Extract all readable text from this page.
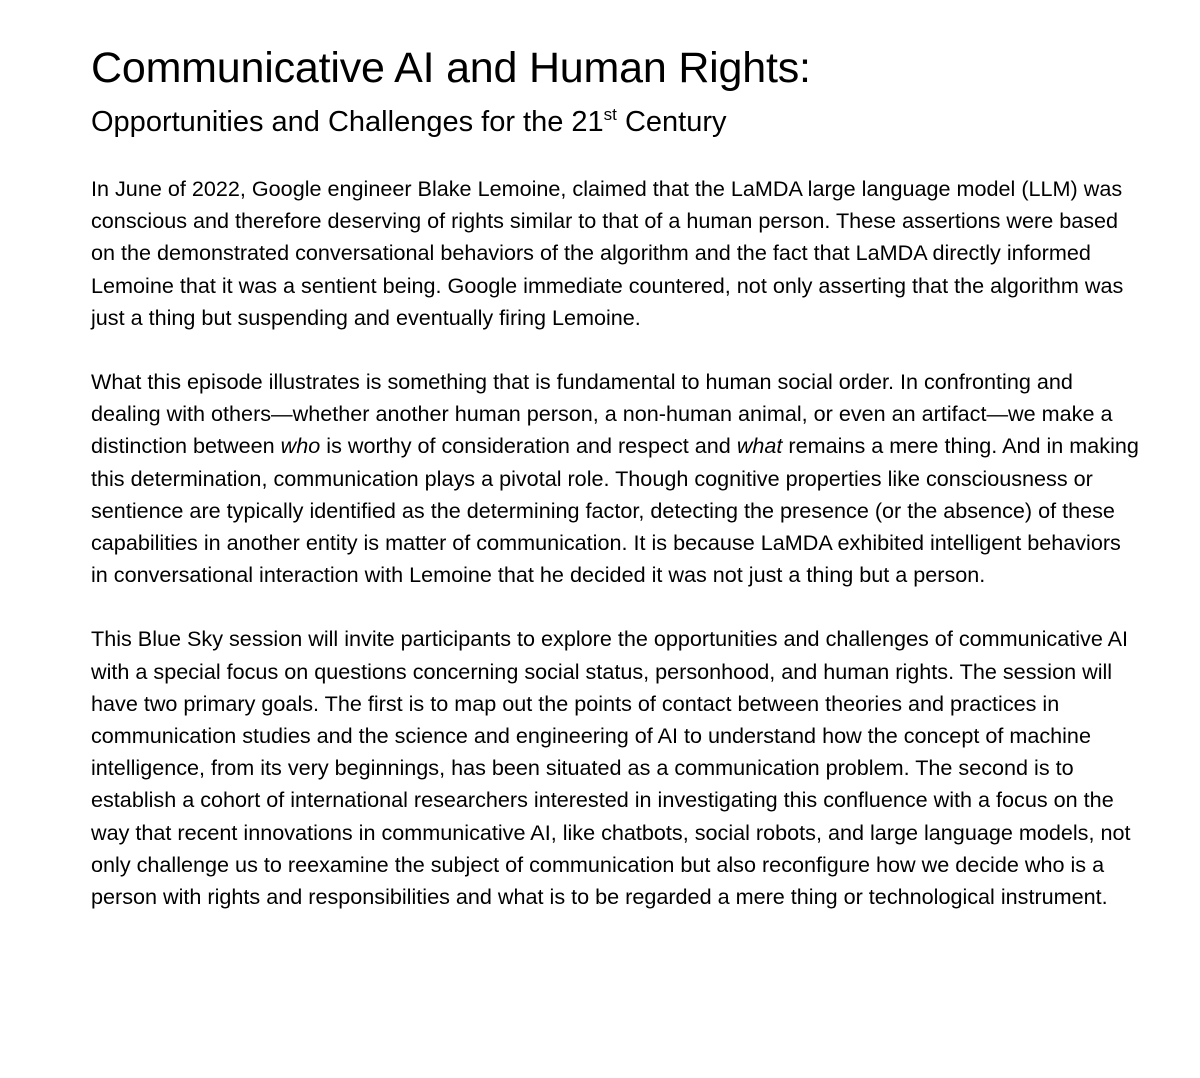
Communicative AI and Human Rights:
Opportunities and Challenges for the 21st Century

In June of 2022, Google engineer Blake Lemoine, claimed that the LaMDA large language model (LLM) was conscious and therefore deserving of rights similar to that of a human person. These assertions were based on the demonstrated conversational behaviors of the algorithm and the fact that LaMDA directly informed Lemoine that it was a sentient being. Google immediate countered, not only asserting that the algorithm was just a thing but suspending and eventually firing Lemoine.

What this episode illustrates is something that is fundamental to human social order. In confronting and dealing with others—whether another human person, a non-human animal, or even an artifact—we make a distinction between who is worthy of consideration and respect and what remains a mere thing. And in making this determination, communication plays a pivotal role. Though cognitive properties like consciousness or sentience are typically identified as the determining factor, detecting the presence (or the absence) of these capabilities in another entity is matter of communication. It is because LaMDA exhibited intelligent behaviors in conversational interaction with Lemoine that he decided it was not just a thing but a person.

This Blue Sky session will invite participants to explore the opportunities and challenges of communicative AI with a special focus on questions concerning social status, personhood, and human rights. The session will have two primary goals. The first is to map out the points of contact between theories and practices in communication studies and the science and engineering of AI to understand how the concept of machine intelligence, from its very beginnings, has been situated as a communication problem. The second is to establish a cohort of international researchers interested in investigating this confluence with a focus on the way that recent innovations in communicative AI, like chatbots, social robots, and large language models, not only challenge us to reexamine the subject of communication but also reconfigure how we decide who is a person with rights and responsibilities and what is to be regarded a mere thing or technological instrument.
